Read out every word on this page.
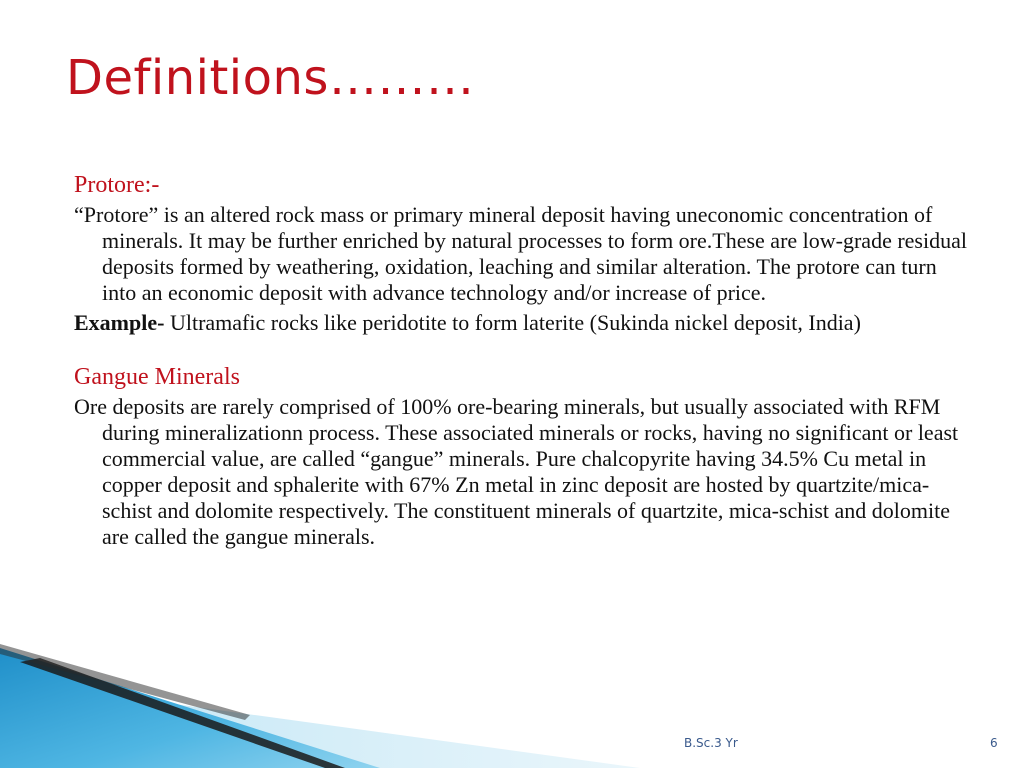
Definitions………
Protore:-

“Protore” is an altered rock mass or primary mineral deposit having uneconomic concentration of minerals. It may be further enriched by natural processes to form ore.These are low-grade residual deposits formed by weathering, oxidation, leaching and similar alteration. The protore can turn into an economic deposit with advance technology and/or increase of price.

Example- Ultramafic rocks like peridotite to form laterite (Sukinda nickel deposit, India)

Gangue Minerals

Ore deposits are rarely comprised of 100% ore-bearing minerals, but usually associated with RFM during mineralizationn process. These associated minerals or rocks, having no significant or least commercial value, are called “gangue” minerals. Pure chalcopyrite having 34.5% Cu metal in copper deposit and sphalerite with 67% Zn metal in zinc deposit are hosted by quartzite/mica-schist and dolomite respectively. The constituent minerals of quartzite, mica-schist and dolomite are called the gangue minerals.

B.Sc.3 Yr	6
